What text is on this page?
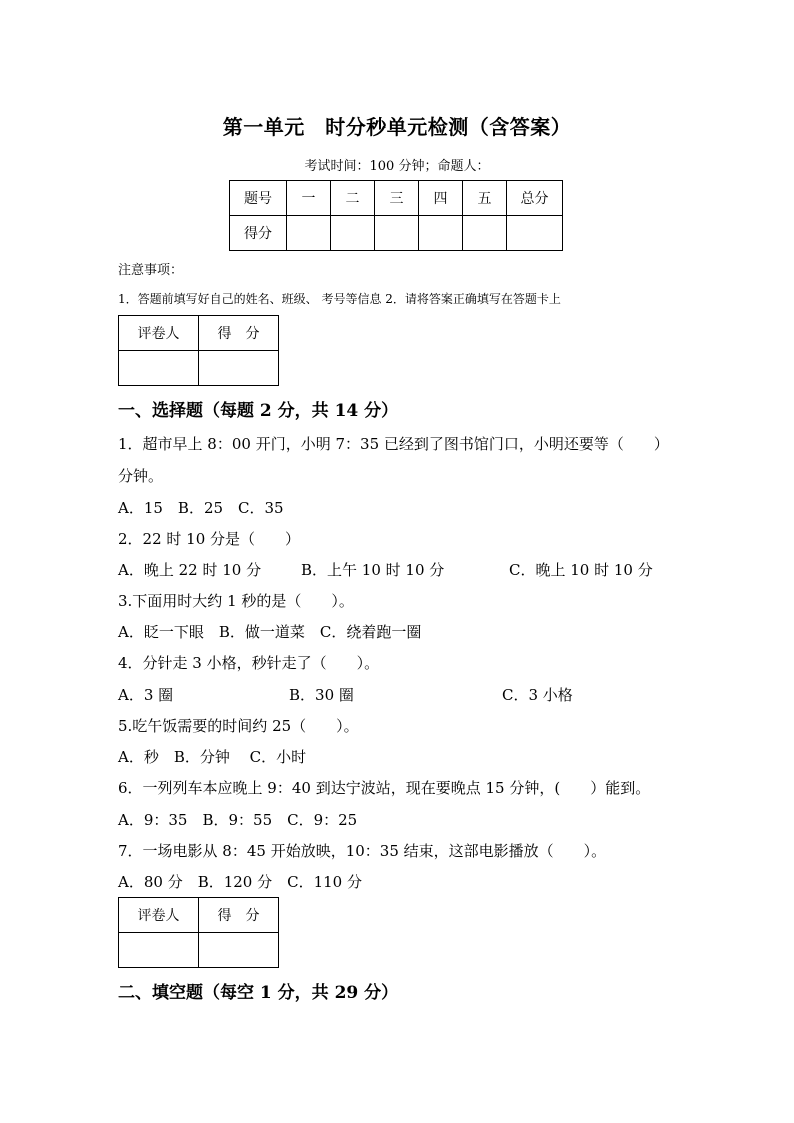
第一单元　时分秒单元检测（含答案）
考试时间：100 分钟；命题人：
题号	一	二	三	四	五	总分
得分						
注意事项：
1．答题前填写好自己的姓名、班级、 考号等信息 2．请将答案正确填写在答题卡上
评卷人	得　分

一、选择题（每题 2 分，共 14 分）
1．超市早上 8：00 开门，小明 7：35 已经到了图书馆门口，小明还要等（　　）
分钟。
A．15　B．25　C．35
2．22 时 10 分是（　　）
A．晚上 22 时 10 分	B．上午 10 时 10 分	C．晚上 10 时 10 分
3.下面用时大约 1 秒的是（　　）。
A．眨一下眼　B．做一道菜　C．绕着跑一圈
4．分针走 3 小格，秒针走了（　　）。
A．3 圈	B．30 圈	C．3 小格
5.吃午饭需要的时间约 25（　　）。
A．秒　B．分钟　 C．小时
6．一列列车本应晚上 9：40 到达宁波站，现在要晚点 15 分钟，(　　）能到。
A．9：35　B．9：55　C．9：25
7．一场电影从 8：45 开始放映，10：35 结束，这部电影播放（　　）。
A．80 分　B．120 分　C．110 分
评卷人	得　分

二、填空题（每空 1 分，共 29 分）
